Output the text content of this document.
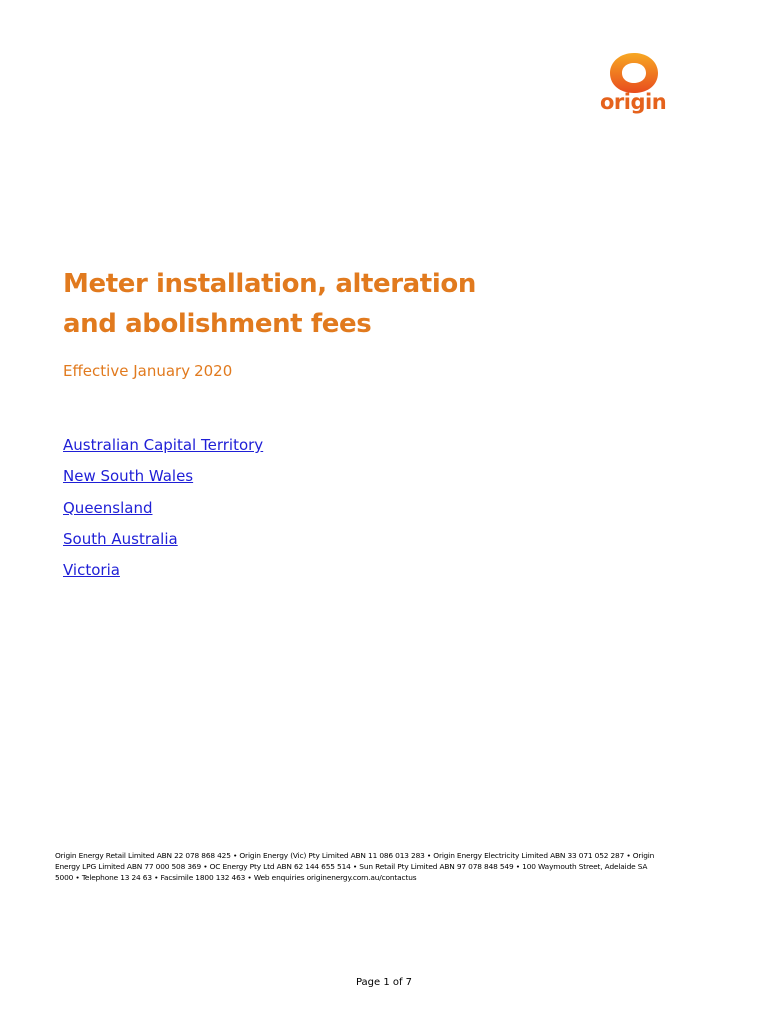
origin
Meter installation, alteration
and abolishment fees
Effective January 2020
Australian Capital Territory
New South Wales
Queensland
South Australia
Victoria
Origin Energy Retail Limited ABN 22 078 868 425 • Origin Energy (Vic) Pty Limited ABN 11 086 013 283 • Origin Energy Electricity Limited ABN 33 071 052 287 • Origin Energy LPG Limited ABN 77 000 508 369 • OC Energy Pty Ltd ABN 62 144 655 514 • Sun Retail Pty Limited ABN 97 078 848 549 • 100 Waymouth Street, Adelaide SA 5000 • Telephone 13 24 63 • Facsimile 1800 132 463 • Web enquiries originenergy.com.au/contactus
Page 1 of 7
